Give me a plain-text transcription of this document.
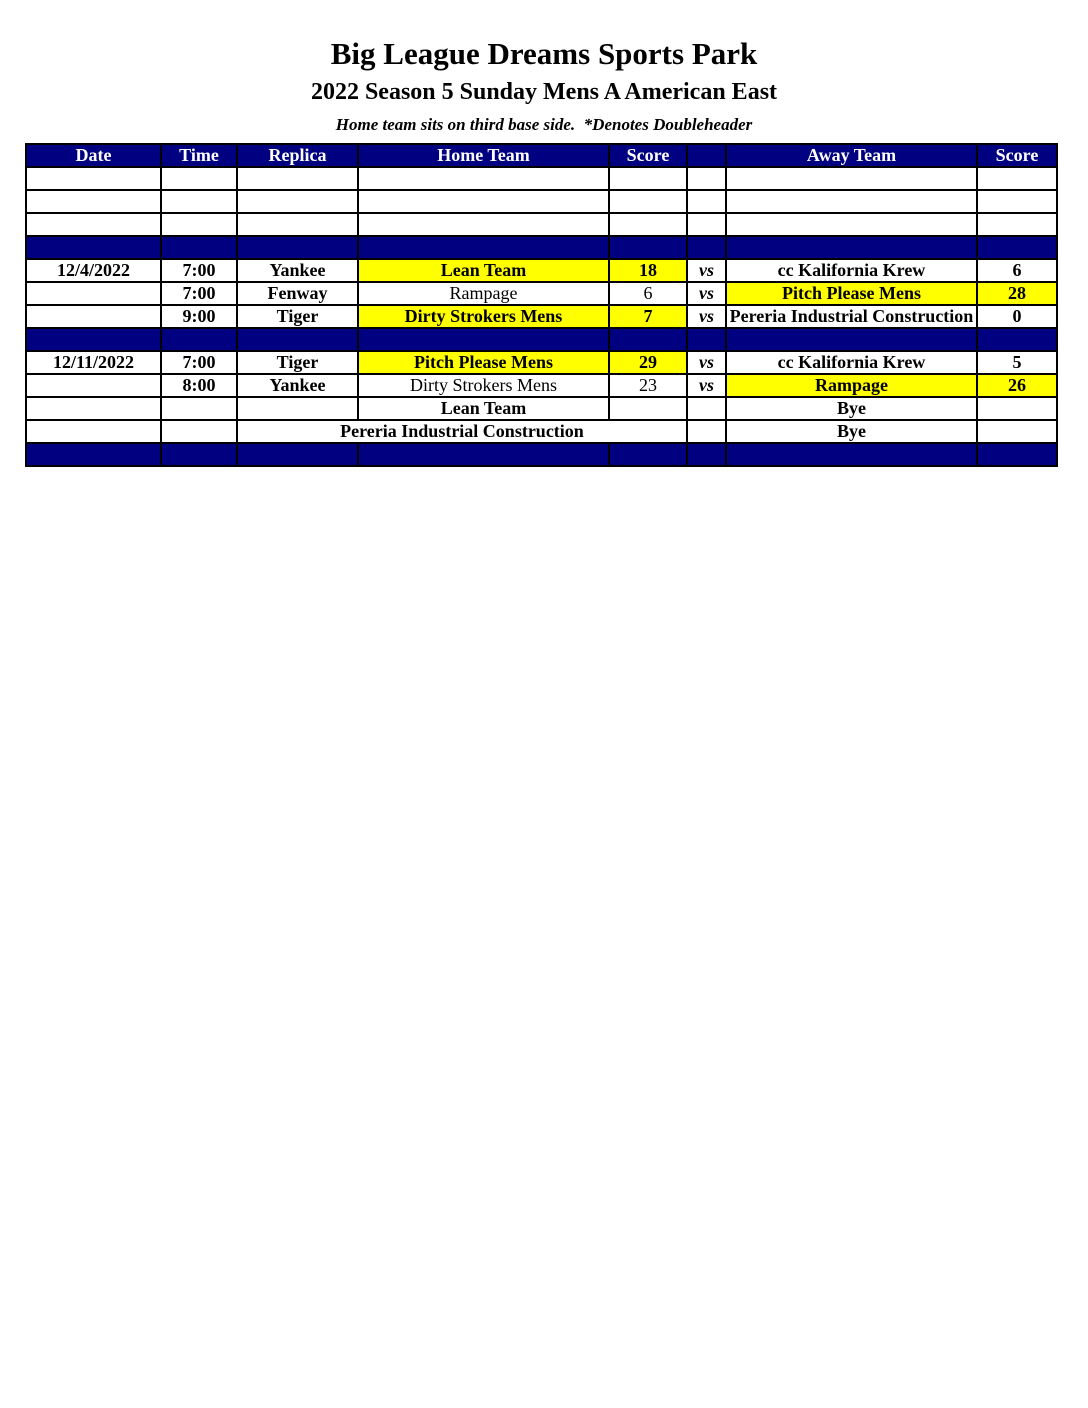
Big League Dreams Sports Park
2022 Season 5 Sunday Mens A American East
Home team sits on third base side.  *Denotes Doubleheader
Date	Time	Replica	Home Team	Score		Away Team	Score

12/4/2022	7:00	Yankee	Lean Team	18	vs	cc Kalifornia Krew	6
	7:00	Fenway	Rampage	6	vs	Pitch Please Mens	28
	9:00	Tiger	Dirty Strokers Mens	7	vs	Pereria Industrial Construction	0

12/11/2022	7:00	Tiger	Pitch Please Mens	29	vs	cc Kalifornia Krew	5
	8:00	Yankee	Dirty Strokers Mens	23	vs	Rampage	26
			Lean Team			Bye	
		Pereria Industrial Construction				Bye	
